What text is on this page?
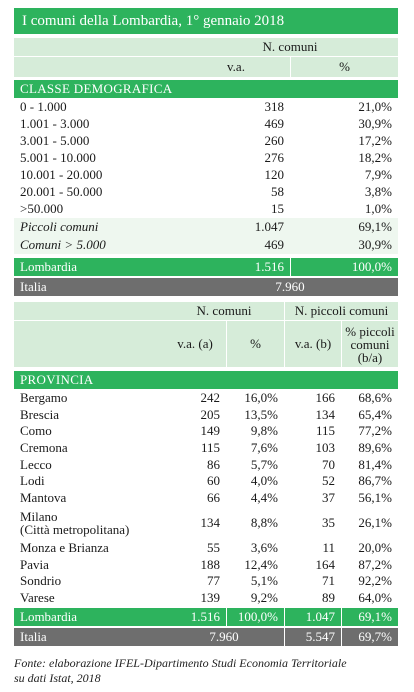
I comuni della Lombardia, 1° gennaio 2018
N. comuni
v.a.	%
CLASSE DEMOGRAFICA
0 - 1.000	318	21,0%
1.001 - 3.000	469	30,9%
3.001 - 5.000	260	17,2%
5.001 - 10.000	276	18,2%
10.001 - 20.000	120	7,9%
20.001 - 50.000	58	3,8%
>50.000	15	1,0%
Piccoli comuni	1.047	69,1%
Comuni > 5.000	469	30,9%
Lombardia	1.516	100,0%
Italia	7.960
N. comuni	N. piccoli comuni
v.a. (a)	%	v.a. (b)
% piccoli
comuni
(b/a)
PROVINCIA
Bergamo	242	16,0%	166	68,6%
Brescia	205	13,5%	134	65,4%
Como	149	9,8%	115	77,2%
Cremona	115	7,6%	103	89,6%
Lecco	86	5,7%	70	81,4%
Lodi	60	4,0%	52	86,7%
Mantova	66	4,4%	37	56,1%
Milano
(Città metropolitana)	134	8,8%	35	26,1%
Monza e Brianza	55	3,6%	11	20,0%
Pavia	188	12,4%	164	87,2%
Sondrio	77	5,1%	71	92,2%
Varese	139	9,2%	89	64,0%
Lombardia	1.516	100,0%	1.047	69,1%
Italia	7.960	5.547	69,7%
Fonte: elaborazione IFEL-Dipartimento Studi Economia Territoriale
su dati Istat, 2018
